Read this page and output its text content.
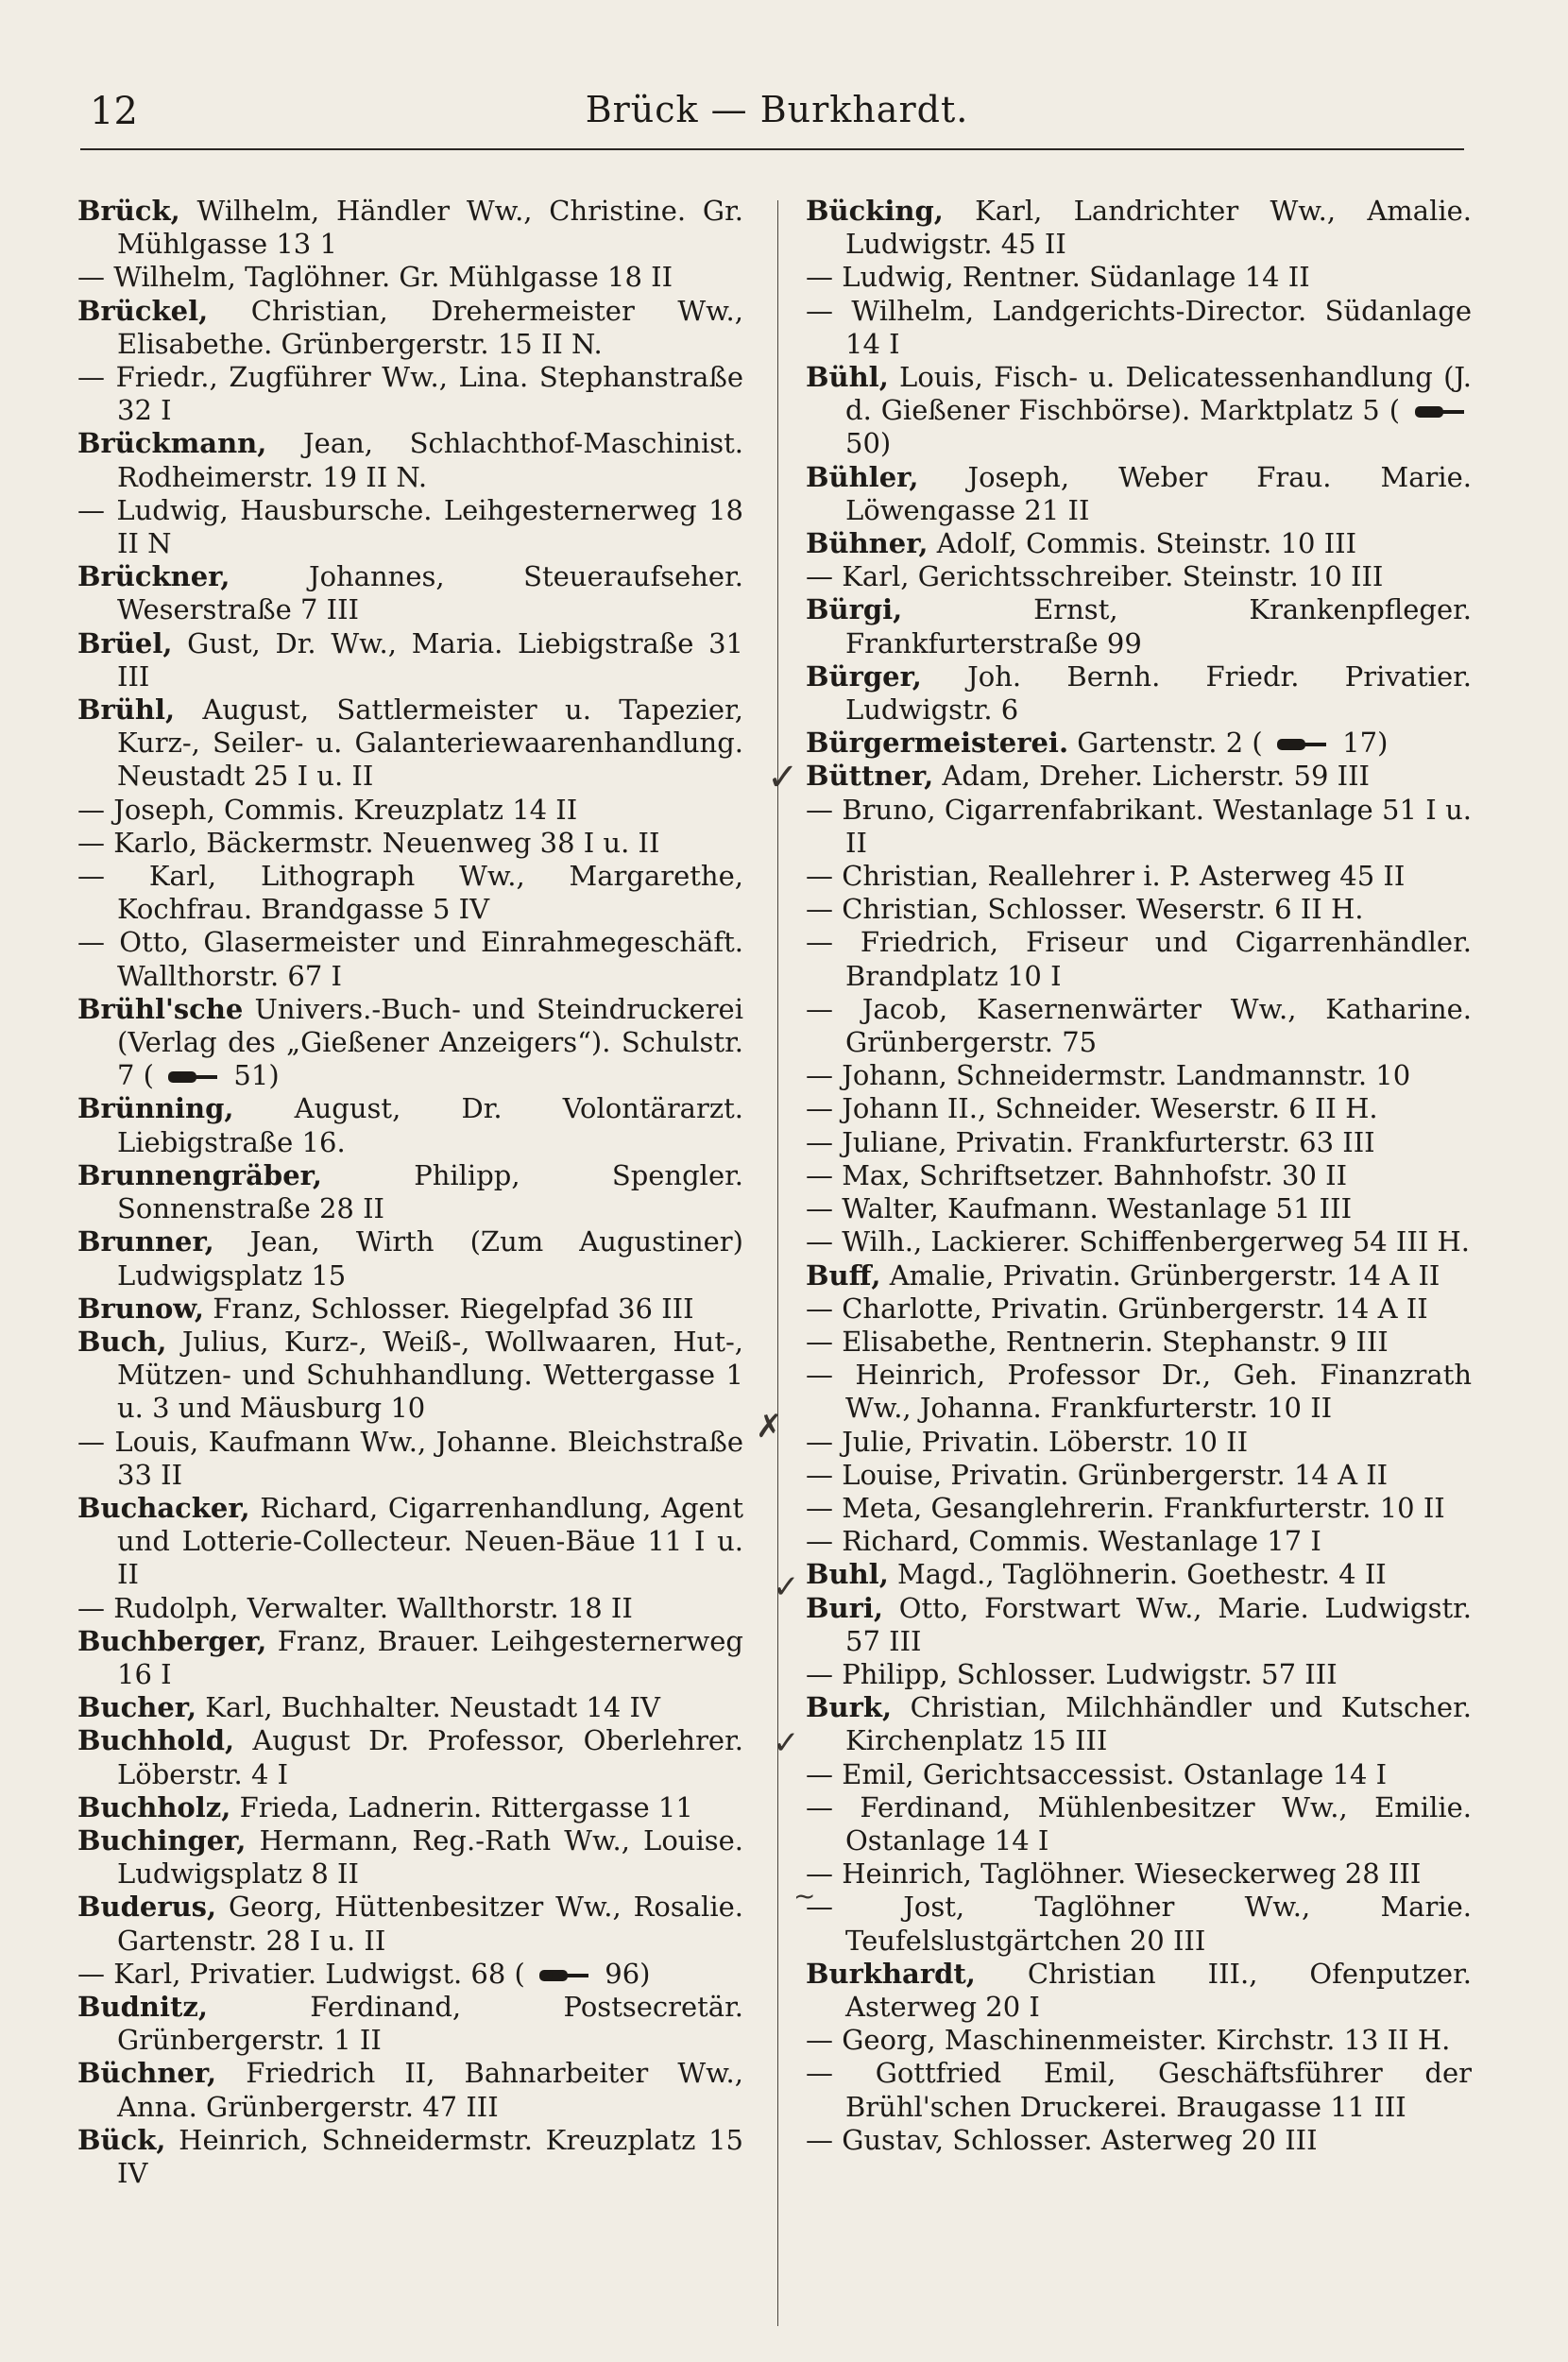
12	Brück — Burkhardt.

Brück, Wilhelm, Händler Ww., Christine. Gr. Mühlgasse 13 1

— Wilhelm, Taglöhner. Gr. Mühlgasse 18 II

Brückel, Christian, Drehermeister Ww., Elisabethe. Grünbergerstr. 15 II N.

— Friedr., Zugführer Ww., Lina. Stephanstraße 32 I

Brückmann, Jean, Schlachthof-Maschinist. Rodheimerstr. 19 II N.

— Ludwig, Hausbursche. Leihgesternerweg 18 II N

Brückner, Johannes, Steueraufseher. Weserstraße 7 III

Brüel, Gust, Dr. Ww., Maria. Liebigstraße 31 III

Brühl, August, Sattlermeister u. Tapezier, Kurz-, Seiler- u. Galanteriewaarenhandlung. Neustadt 25 I u. II

— Joseph, Commis. Kreuzplatz 14 II

— Karlo, Bäckermstr. Neuenweg 38 I u. II

— Karl, Lithograph Ww., Margarethe, Kochfrau. Brandgasse 5 IV

— Otto, Glasermeister und Einrahmegeschäft. Wallthorstr. 67 I

Brühl'sche Univers.-Buch- und Steindruckerei (Verlag des „Gießener Anzeigers“). Schulstr. 7 (	51)

Brünning, August, Dr. Volontärarzt. Liebigstraße 16.

Brunnengräber, Philipp, Spengler. Sonnenstraße 28 II

Brunner, Jean, Wirth (Zum Augustiner) Ludwigsplatz 15

Brunow, Franz, Schlosser. Riegelpfad 36 III

Buch, Julius, Kurz-, Weiß-, Wollwaaren, Hut-, Mützen- und Schuhhandlung. Wettergasse 1 u. 3 und Mäusburg 10

— Louis, Kaufmann Ww., Johanne. Bleichstraße 33 II

Buchacker, Richard, Cigarrenhandlung, Agent und Lotterie-Collecteur. Neuen-Bäue 11 I u. II

— Rudolph, Verwalter. Wallthorstr. 18 II

Buchberger, Franz, Brauer. Leihgesternerweg 16 I

Bucher, Karl, Buchhalter. Neustadt 14 IV

Buchhold, August Dr. Professor, Oberlehrer. Löberstr. 4 I

Buchholz, Frieda, Ladnerin. Rittergasse 11

Buchinger, Hermann, Reg.-Rath Ww., Louise. Ludwigsplatz 8 II

Buderus, Georg, Hüttenbesitzer Ww., Rosalie. Gartenstr. 28 I u. II

— Karl, Privatier. Ludwigst. 68 (	96)

Budnitz, Ferdinand, Postsecretär. Grünbergerstr. 1 II

Büchner, Friedrich II, Bahnarbeiter Ww., Anna. Grünbergerstr. 47 III

Bück, Heinrich, Schneidermstr. Kreuzplatz 15 IV

Bücking, Karl, Landrichter Ww., Amalie. Ludwigstr. 45 II

— Ludwig, Rentner. Südanlage 14 II

— Wilhelm, Landgerichts-Director. Südanlage 14 I

Bühl, Louis, Fisch- u. Delicatessenhandlung (J. d. Gießener Fischbörse). Marktplatz 5 (  50)

Bühler, Joseph, Weber Frau. Marie. Löwengasse 21 II

Bühner, Adolf, Commis. Steinstr. 10 III

— Karl, Gerichtsschreiber. Steinstr. 10 III

Bürgi, Ernst, Krankenpfleger. Frankfurterstraße 99

Bürger, Joh. Bernh. Friedr. Privatier. Ludwigstr. 6

Bürgermeisterei. Gartenstr. 2 (	17)

Büttner, Adam, Dreher. Licherstr. 59 III

— Bruno, Cigarrenfabrikant. Westanlage 51 I u. II

— Christian, Reallehrer i. P. Asterweg 45 II

— Christian, Schlosser. Weserstr. 6 II H.

— Friedrich, Friseur und Cigarrenhändler. Brandplatz 10 I

— Jacob, Kasernenwärter Ww., Katharine. Grünbergerstr. 75

— Johann, Schneidermstr. Landmannstr. 10

— Johann II., Schneider. Weserstr. 6 II H.

— Juliane, Privatin. Frankfurterstr. 63 III

— Max, Schriftsetzer. Bahnhofstr. 30 II

— Walter, Kaufmann. Westanlage 51 III

— Wilh., Lackierer. Schiffenbergerweg 54 III H.

Buff, Amalie, Privatin. Grünbergerstr. 14 A II

— Charlotte, Privatin. Grünbergerstr. 14 A II

— Elisabethe, Rentnerin. Stephanstr. 9 III

— Heinrich, Professor Dr., Geh. Finanzrath Ww., Johanna. Frankfurterstr. 10 II

— Julie, Privatin. Löberstr. 10 II

— Louise, Privatin. Grünbergerstr. 14 A II

— Meta, Gesanglehrerin. Frankfurterstr. 10 II

— Richard, Commis. Westanlage 17 I

Buhl, Magd., Taglöhnerin. Goethestr. 4 II

Buri, Otto, Forstwart Ww., Marie. Ludwigstr. 57 III

— Philipp, Schlosser. Ludwigstr. 57 III

Burk, Christian, Milchhändler und Kutscher. Kirchenplatz 15 III

— Emil, Gerichtsaccessist. Ostanlage 14 I

— Ferdinand, Mühlenbesitzer Ww., Emilie. Ostanlage 14 I

— Heinrich, Taglöhner. Wieseckerweg 28 III

— Jost, Taglöhner Ww., Marie. Teufelslustgärtchen 20 III

Burkhardt, Christian III., Ofenputzer. Asterweg 20 I

— Georg, Maschinenmeister. Kirchstr. 13 II H.

— Gottfried Emil, Geschäftsführer der Brühl'schen Druckerei. Braugasse 11 III

— Gustav, Schlosser. Asterweg 20 III

✓
✗
✓
✓
~
